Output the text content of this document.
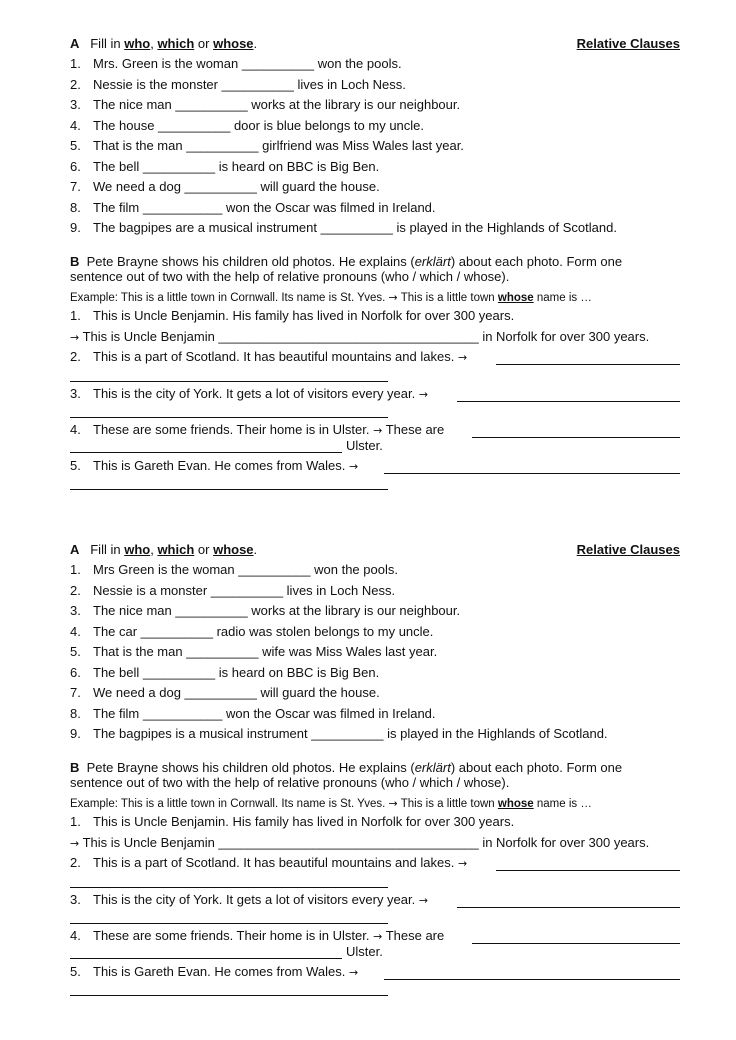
A Fill in who, which or whose.	Relative Clauses
1. Mrs. Green is the woman __________ won the pools.
2. Nessie is the monster __________ lives in Loch Ness.
3. The nice man __________ works at the library is our neighbour.
4. The house __________ door is blue belongs to my uncle.
5. That is the man __________ girlfriend was Miss Wales last year.
6. The bell __________ is heard on BBC is Big Ben.
7. We need a dog __________ will guard the house.
8. The film ___________ won the Oscar was filmed in Ireland.
9. The bagpipes are a musical instrument __________ is played in the Highlands of Scotland.
B Pete Brayne shows his children old photos. He explains (erklärt) about each photo. Form one
sentence out of two with the help of relative pronouns (who / which / whose).
Example: This is a little town in Cornwall. Its name is St. Yves. → This is a little town whose name is …
1. This is Uncle Benjamin. His family has lived in Norfolk for over 300 years.
→ This is Uncle Benjamin ____________________________________ in Norfolk for over 300 years.
2. This is a part of Scotland. It has beautiful mountains and lakes. →
3. This is the city of York. It gets a lot of visitors every year. →
4. These are some friends. Their home is in Ulster. → These are
Ulster.
5. This is Gareth Evan. He comes from Wales. →
A Fill in who, which or whose.	Relative Clauses
1. Mrs Green is the woman __________ won the pools.
2. Nessie is a monster __________ lives in Loch Ness.
3. The nice man __________ works at the library is our neighbour.
4. The car __________ radio was stolen belongs to my uncle.
5. That is the man __________ wife was Miss Wales last year.
6. The bell __________ is heard on BBC is Big Ben.
7. We need a dog __________ will guard the house.
8. The film ___________ won the Oscar was filmed in Ireland.
9. The bagpipes is a musical instrument __________ is played in the Highlands of Scotland.
B Pete Brayne shows his children old photos. He explains (erklärt) about each photo. Form one
sentence out of two with the help of relative pronouns (who / which / whose).
Example: This is a little town in Cornwall. Its name is St. Yves. → This is a little town whose name is …
1. This is Uncle Benjamin. His family has lived in Norfolk for over 300 years.
→ This is Uncle Benjamin ____________________________________ in Norfolk for over 300 years.
2. This is a part of Scotland. It has beautiful mountains and lakes. →
3. This is the city of York. It gets a lot of visitors every year. →
4. These are some friends. Their home is in Ulster. → These are
Ulster.
5. This is Gareth Evan. He comes from Wales. →
